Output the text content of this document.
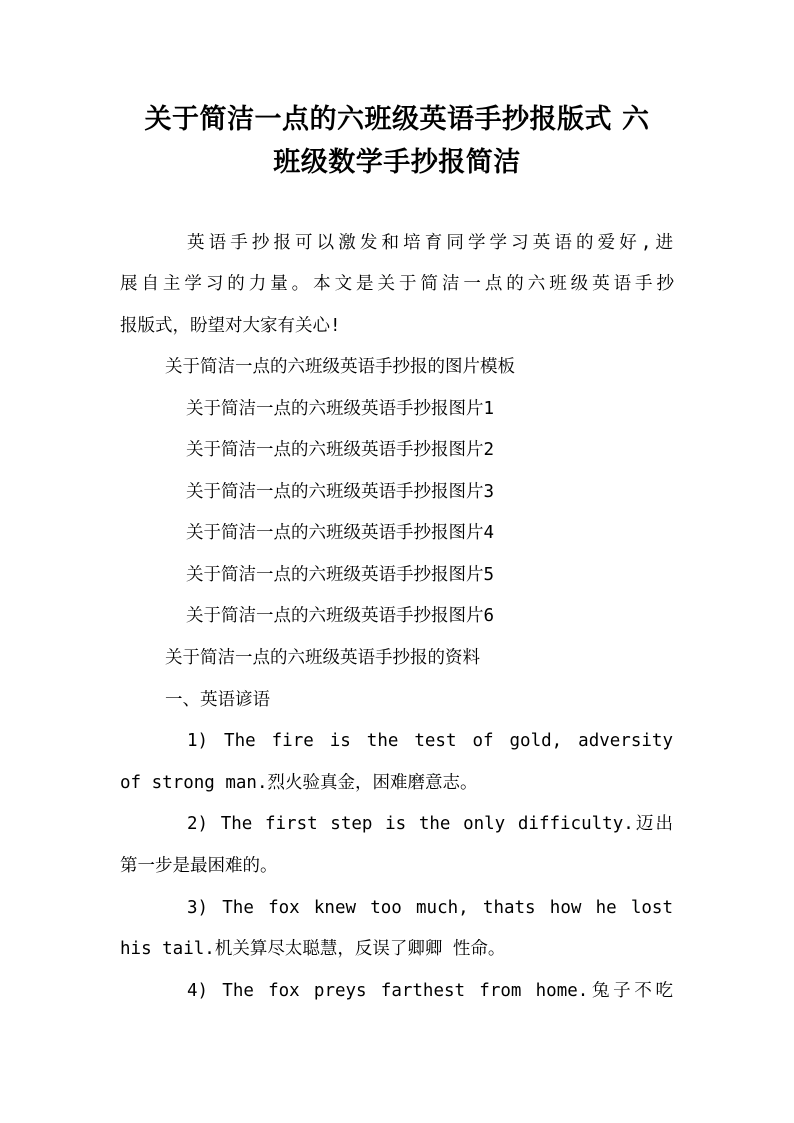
关于简洁一点的六班级英语手抄报版式 六
班级数学手抄报简洁

英语手抄报可以激发和培育同学学习英语的爱好,进

展自主学习的力量。本文是关于简洁一点的六班级英语手抄

报版式，盼望对大家有关心!

关于简洁一点的六班级英语手抄报的图片模板

关于简洁一点的六班级英语手抄报图片1

关于简洁一点的六班级英语手抄报图片2

关于简洁一点的六班级英语手抄报图片3

关于简洁一点的六班级英语手抄报图片4

关于简洁一点的六班级英语手抄报图片5

关于简洁一点的六班级英语手抄报图片6

关于简洁一点的六班级英语手抄报的资料

一、英语谚语

1) The fire is the test of gold, adversity

of strong man.烈火验真金，困难磨意志。

2) The first step is the only difficulty.迈出

第一步是最困难的。

3) The fox knew too much, thats how he lost

his tail.机关算尽太聪慧，反误了卿卿 性命。

4) The fox preys farthest from home.兔子不吃
